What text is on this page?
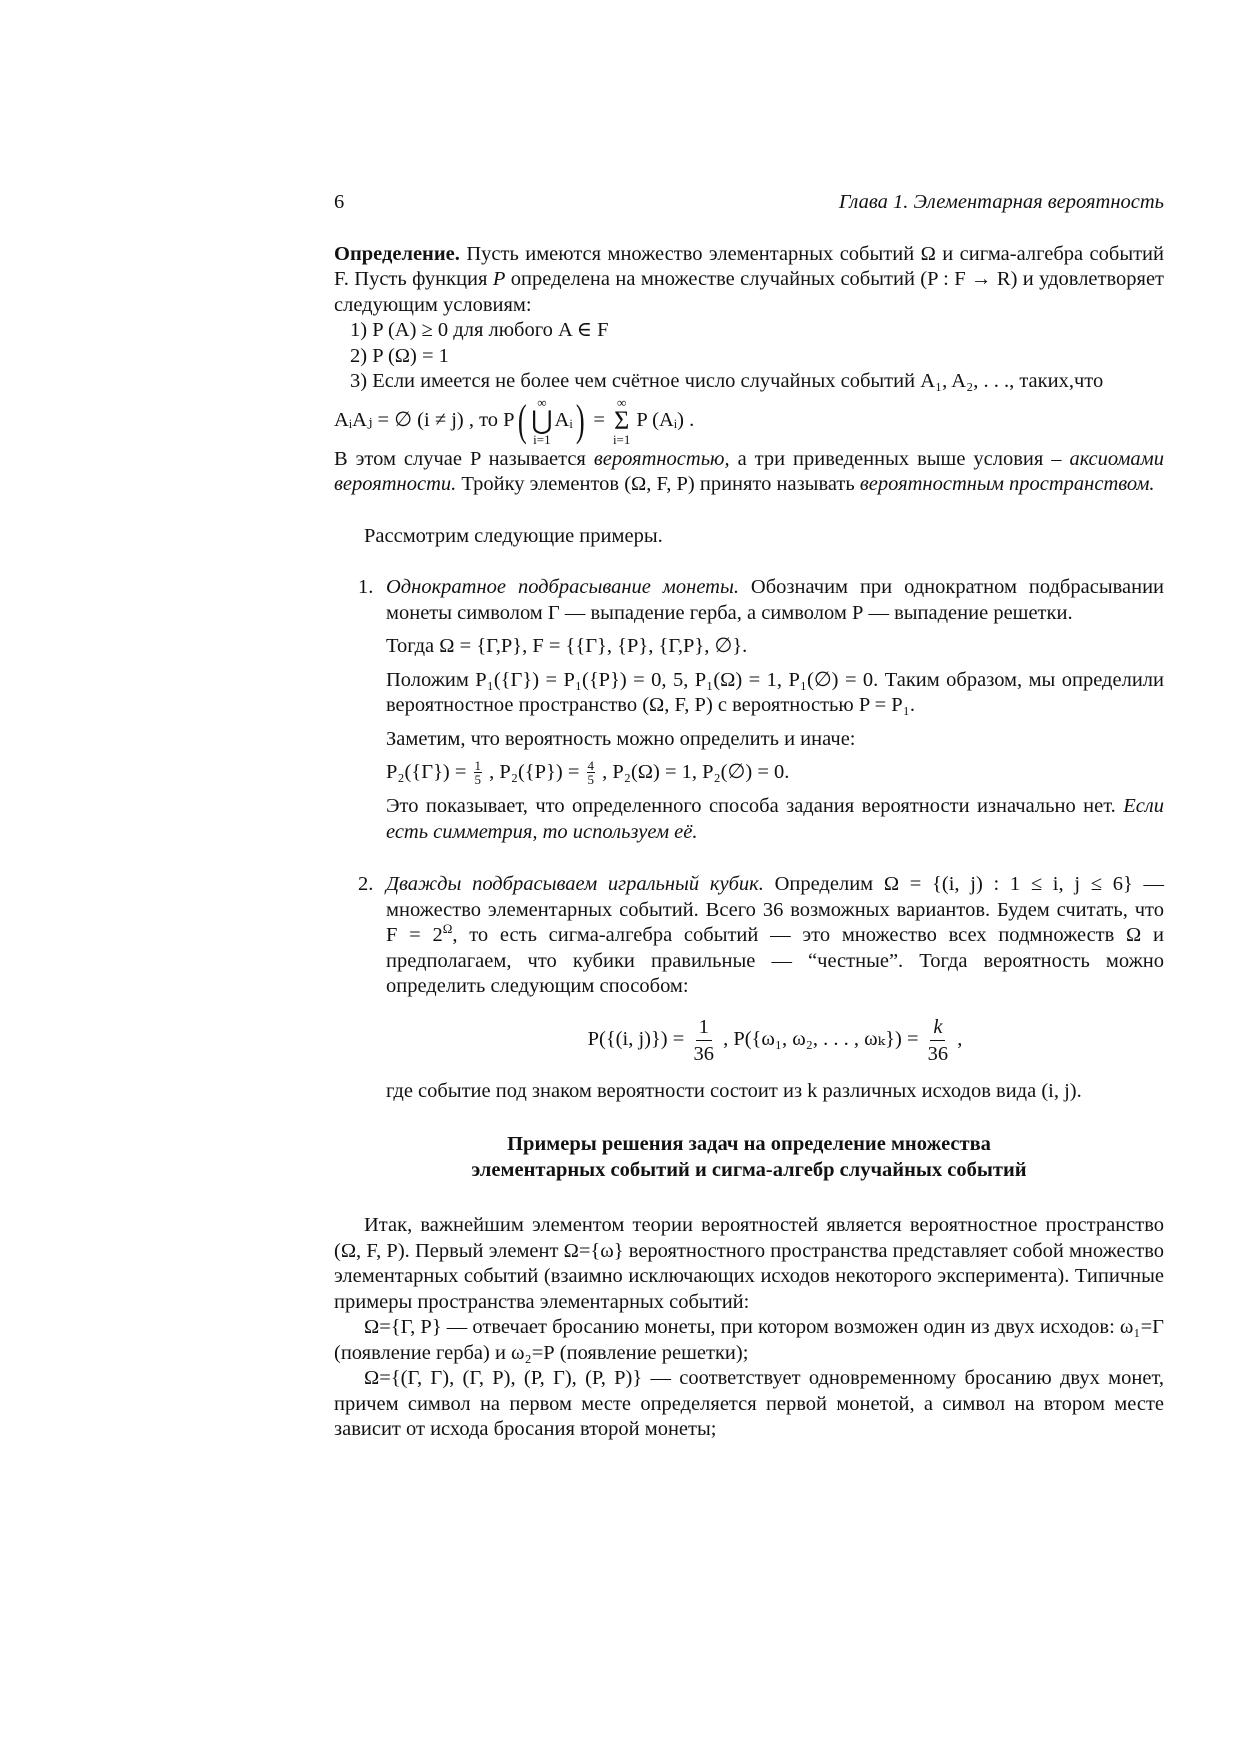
6	Глава 1. Элементарная вероятность

Определение. Пусть имеются множество элементарных событий Ω и сигма-алгебра событий F. Пусть функция P определена на множестве случайных событий (P : F → R) и удовлетворяет следующим условиям:

1) P (A) ≥ 0 для любого A ∈ F

2) P (Ω) = 1

3) Если имеется не более чем счётное число случайных событий A₁, A₂, . . ., таких,что

AᵢAⱼ = ∅ (i ≠ j) , то P ( ∞
⋃
i=1
Aᵢ ) =
∞
Σ
i=1
P (Aᵢ) .

В этом случае P называется вероятностью, а три приведенных выше условия – аксиомами вероятности. Тройку элементов (Ω, F, P) принято называть вероятностным пространством.

Рассмотрим следующие примеры.

1. Однократное подбрасывание монеты. Обозначим при однократном подбрасывании монеты символом Г — выпадение герба, а символом Р — выпадение решетки.

Тогда Ω = {Г,Р}, F = {{Г}, {Р}, {Г,Р}, ∅}.

Положим P₁({Г}) = P₁({Р}) = 0, 5, P₁(Ω) = 1, P₁(∅) = 0. Таким образом, мы определили вероятностное пространство (Ω, F, P) с вероятностью P = P₁.

Заметим, что вероятность можно определить и иначе:

$P_2(\{Г\}) = \frac{1}{5}$ , $P_2(\{Р\}) = \frac{4}{5}$ , P₂(Ω) = 1, P₂(∅) = 0.

Это показывает, что определенного способа задания вероятности изначально нет. Если есть симметрия, то используем её.

2. Дважды подбрасываем игральный кубик. Определим Ω = {(i, j) : 1 ≤ i, j ≤ 6} — множество элементарных событий. Всего 36 возможных вариантов. Будем считать, что $F = 2^\Omega$, то есть сигма-алгебра событий — это множество всех подмножеств Ω и предполагаем, что кубики правильные — “честные”. Тогда вероятность можно определить следующим способом:

P({(i, $j)\}) = \frac{1}{36}$ , P({ω₁, ω₂, . . . , $\omega_k\}) = \frac{k}{36}$ ,

где событие под знаком вероятности состоит из k различных исходов вида (i, j).

Примеры решения задач на определение множества
элементарных событий и сигма-алгебр случайных событий

Итак, важнейшим элементом теории вероятностей является вероятностное пространство (Ω, F, P). Первый элемент Ω={ω} вероятностного пространства представляет собой множество элементарных событий (взаимно исключающих исходов некоторого эксперимента). Типичные примеры пространства элементарных событий:

Ω={Г, Р} — отвечает бросанию монеты, при котором возможен один из двух исходов: ω₁=Г (появление герба) и ω₂=Р (появление решетки);

Ω={(Г, Г), (Г, Р), (Р, Г), (Р, Р)} — соответствует одновременному бросанию двух монет, причем символ на первом месте определяется первой монетой, а символ на втором месте зависит от исхода бросания второй монеты;
